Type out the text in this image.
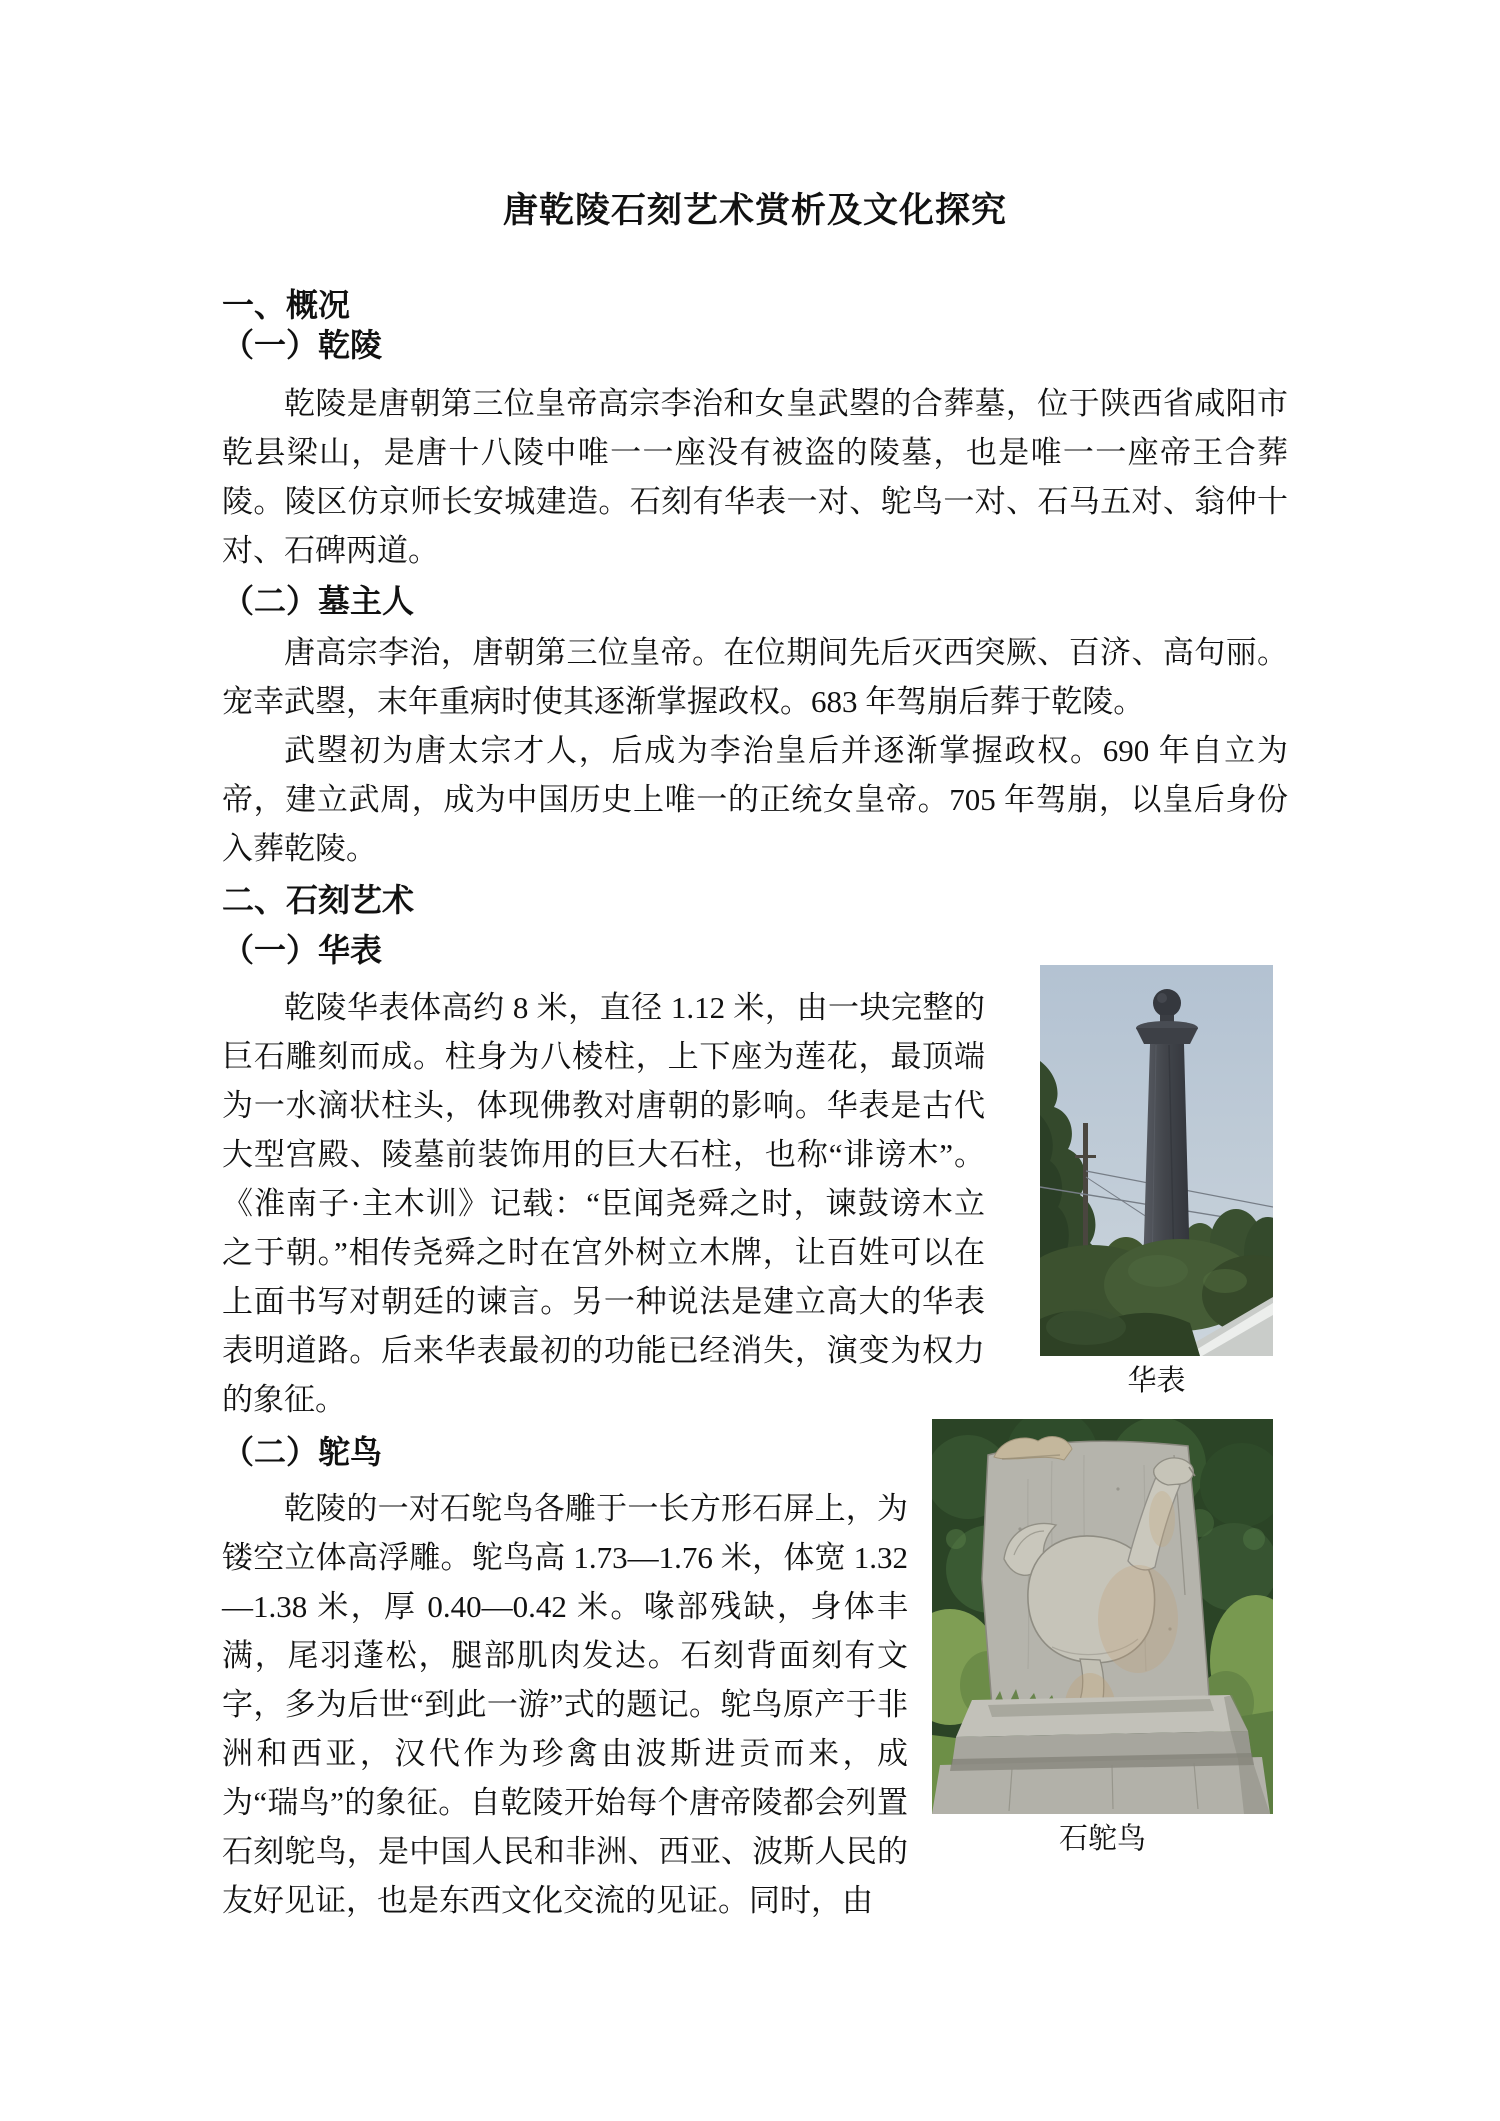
唐乾陵石刻艺术赏析及文化探究
一、概况
（一）乾陵

乾陵是唐朝第三位皇帝高宗李治和女皇武曌的合葬墓，位于陕西省咸阳市乾县梁山，是唐十八陵中唯一一座没有被盗的陵墓，也是唯一一座帝王合葬陵。陵区仿京师长安城建造。石刻有华表一对、鸵鸟一对、石马五对、翁仲十对、石碑两道。

（二）墓主人

唐高宗李治，唐朝第三位皇帝。在位期间先后灭西突厥、百济、高句丽。宠幸武曌，末年重病时使其逐渐掌握政权。683 年驾崩后葬于乾陵。

武曌初为唐太宗才人，后成为李治皇后并逐渐掌握政权。690 年自立为帝，建立武周，成为中国历史上唯一的正统女皇帝。705 年驾崩，以皇后身份入葬乾陵。

二、石刻艺术
（一）华表

乾陵华表体高约 8 米，直径 1.12 米，由一块完整的巨石雕刻而成。柱身为八棱柱，上下座为莲花，最顶端为一水滴状柱头，体现佛教对唐朝的影响。华表是古代大型宫殿、陵墓前装饰用的巨大石柱，也称“诽谤木”。《淮南子·主木训》记载：“臣闻尧舜之时，谏鼓谤木立之于朝。”相传尧舜之时在宫外树立木牌，让百姓可以在上面书写对朝廷的谏言。另一种说法是建立高大的华表表明道路。后来华表最初的功能已经消失，演变为权力的象征。

（二）鸵鸟

乾陵的一对石鸵鸟各雕于一长方形石屏上，为镂空立体高浮雕。鸵鸟高 1.73—1.76 米，体宽 1.32—1.38 米，厚 0.40—0.42 米。喙部残缺，身体丰满，尾羽蓬松，腿部肌肉发达。石刻背面刻有文字，多为后世“到此一游”式的题记。鸵鸟原产于非洲和西亚，汉代作为珍禽由波斯进贡而来，成为“瑞鸟”的象征。自乾陵开始每个唐帝陵都会列置石刻鸵鸟，是中国人民和非洲、西亚、波斯人民的友好见证，也是东西文化交流的见证。同时，由

华表
石鸵鸟
